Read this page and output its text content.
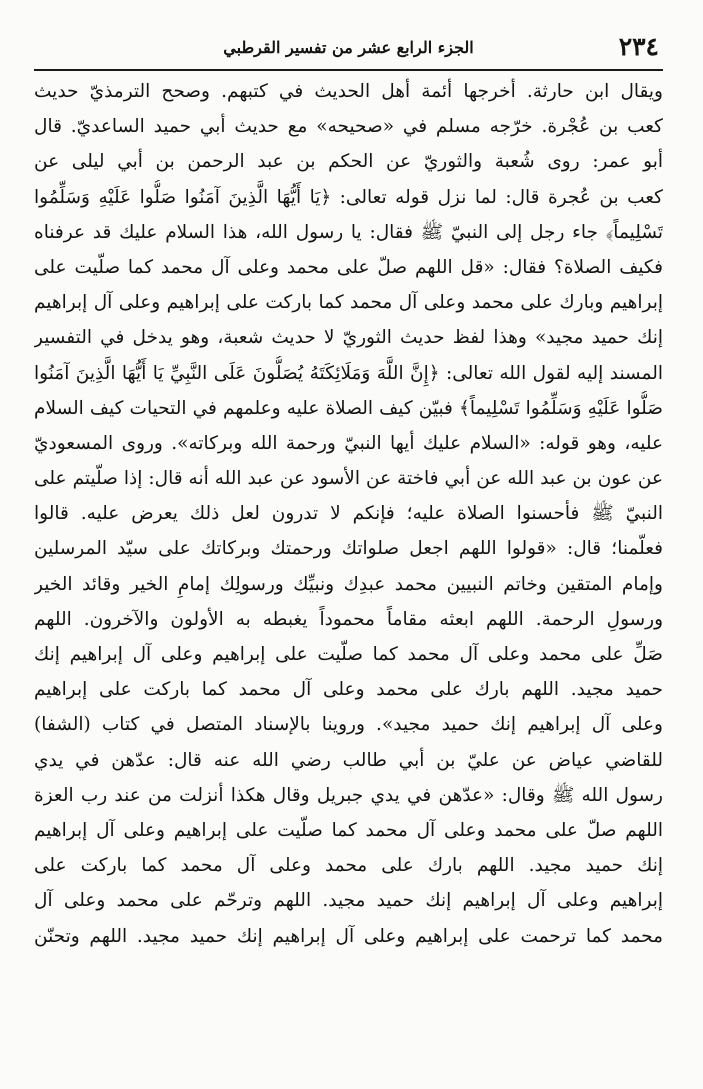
٢٣٤
الجزء الرابع عشر من تفسير القرطبي
ويقال ابن حارثة. أخرجها أئمة أهل الحديث في كتبهم. وصحح الترمذيّ حديث
كعب بن عُجْرة. خرّجه مسلم في «صحيحه» مع حديث أبي حميد الساعديّ. قال
أبو عمر: روى شُعبة والثوريّ عن الحكم بن عبد الرحمن بن أبي ليلى عن
كعب بن عُجرة قال: لما نزل قوله تعالى: ﴿يَا أَيُّهَا الَّذِينَ آمَنُوا صَلُّوا عَلَيْهِ وَسَلِّمُوا
تَسْلِيماً﴾ جاء رجل إلى النبيّ ﷺ فقال: يا رسول الله، هذا السلام عليك قد عرفناه
فكيف الصلاة؟ فقال: «قل اللهم صلّ على محمد وعلى آل محمد كما صلّيت على
إبراهيم وبارك على محمد وعلى آل محمد كما باركت على إبراهيم وعلى آل إبراهيم
إنك حميد مجيد» وهذا لفظ حديث الثوريّ لا حديث شعبة، وهو يدخل في التفسير
المسند إليه لقول الله تعالى: ﴿إِنَّ اللَّهَ وَمَلَائِكَتَهُ يُصَلُّونَ عَلَى النَّبِيِّ يَا أَيُّهَا الَّذِينَ آمَنُوا
صَلُّوا عَلَيْهِ وَسَلِّمُوا تَسْلِيماً﴾ فبيّن كيف الصلاة عليه وعلمهم في التحيات كيف السلام
عليه، وهو قوله: «السلام عليك أيها النبيّ ورحمة الله وبركاته». وروى المسعوديّ
عن عون بن عبد الله عن أبي فاختة عن الأسود عن عبد الله أنه قال: إذا صلّيتم على
النبيّ ﷺ فأحسنوا الصلاة عليه؛ فإنكم لا تدرون لعل ذلك يعرض عليه. قالوا
فعلّمنا؛ قال: «قولوا اللهم اجعل صلواتك ورحمتك وبركاتك على سيّد المرسلين
وإمام المتقين وخاتم النبيين محمد عبدِك ونبيِّك ورسولِك إمامِ الخير وقائد الخير
ورسولِ الرحمة. اللهم ابعثه مقاماً محموداً يغبطه به الأولون والآخرون. اللهم
صَلِّ على محمد وعلى آل محمد كما صلّيت على إبراهيم وعلى آل إبراهيم إنك
حميد مجيد. اللهم بارك على محمد وعلى آل محمد كما باركت على إبراهيم
وعلى آل إبراهيم إنك حميد مجيد». وروينا بالإسناد المتصل في كتاب (الشفا)
للقاضي عياض عن عليّ بن أبي طالب رضي الله عنه قال: عدّهن في يدي
رسول الله ﷺ وقال: «عدّهن في يدي جبريل وقال هكذا أنزلت من عند رب العزة
اللهم صلّ على محمد وعلى آل محمد كما صلّيت على إبراهيم وعلى آل إبراهيم
إنك حميد مجيد. اللهم بارك على محمد وعلى آل محمد كما باركت على
إبراهيم وعلى آل إبراهيم إنك حميد مجيد. اللهم وترحّم على محمد وعلى آل
محمد كما ترحمت على إبراهيم وعلى آل إبراهيم إنك حميد مجيد. اللهم وتحنّن
